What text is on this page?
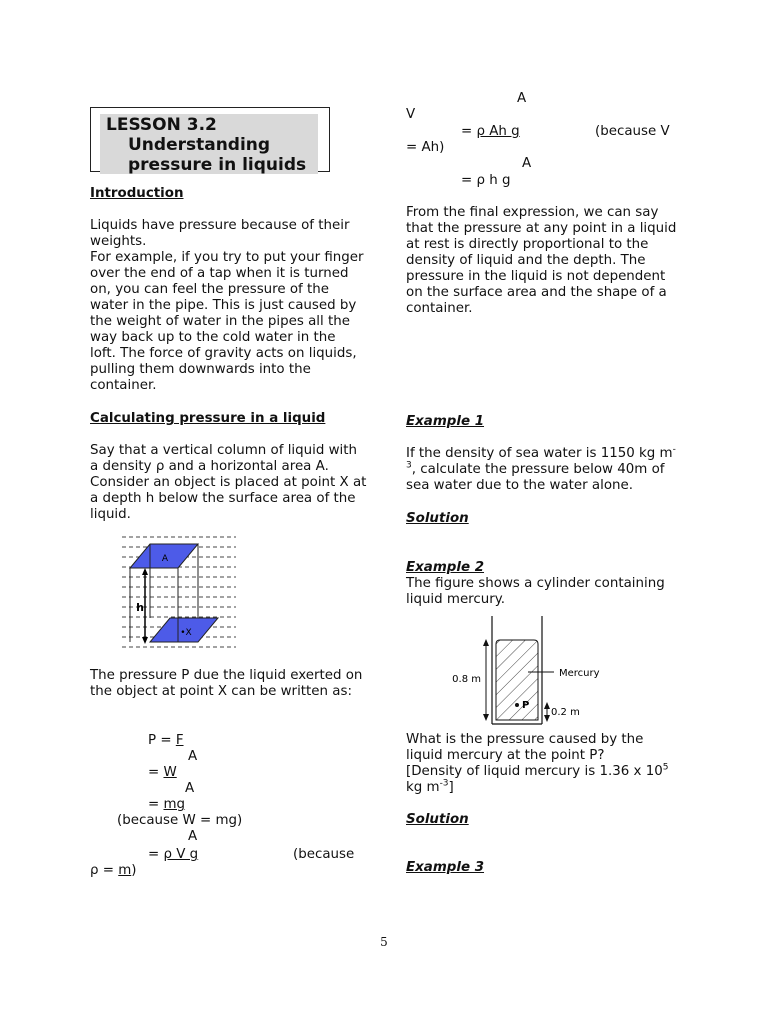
LESSON 3.2
Understanding
pressure in liquids
Introduction

Liquids have pressure because of their weights.

For example, if you try to put your finger over the end of a tap when it is turned on, you can feel the pressure of the water in the pipe. This is just caused by the weight of water in the pipes all the way back up to the cold water in the loft. The force of gravity acts on liquids, pulling them downwards into the container.

Calculating pressure in a liquid
Say that a vertical column of liquid with a density ρ and a horizontal area A. Consider an object is placed at point X at a depth h below the surface area of the liquid.
h
A
•X
The pressure P due the liquid exerted on the object at point X can be written as:
P = F
A
= W
A
= mg
(because W = mg)
A
= ρ V g	(because
ρ = m)
A
V
= ρ Ah g	(because V
= Ah)
A
= ρ h g
From the final expression, we can say that the pressure at any point in a liquid at rest is directly proportional to the density of liquid and the depth. The pressure in the liquid is not dependent on the surface area and the shape of a container.
Example 1
If the density of sea water is 1150 kg $m^{-3}$, calculate the pressure below 40m of sea water due to the water alone.
Solution
Example 2
The figure shows a cylinder containing liquid mercury.
0.8 m
Mercury
P
0.2 m

What is the pressure caused by the liquid mercury at the point P?

[Density of liquid mercury is 1.36 x $10^5$ kg $m^{-3}$]

Solution
Example 3
5
